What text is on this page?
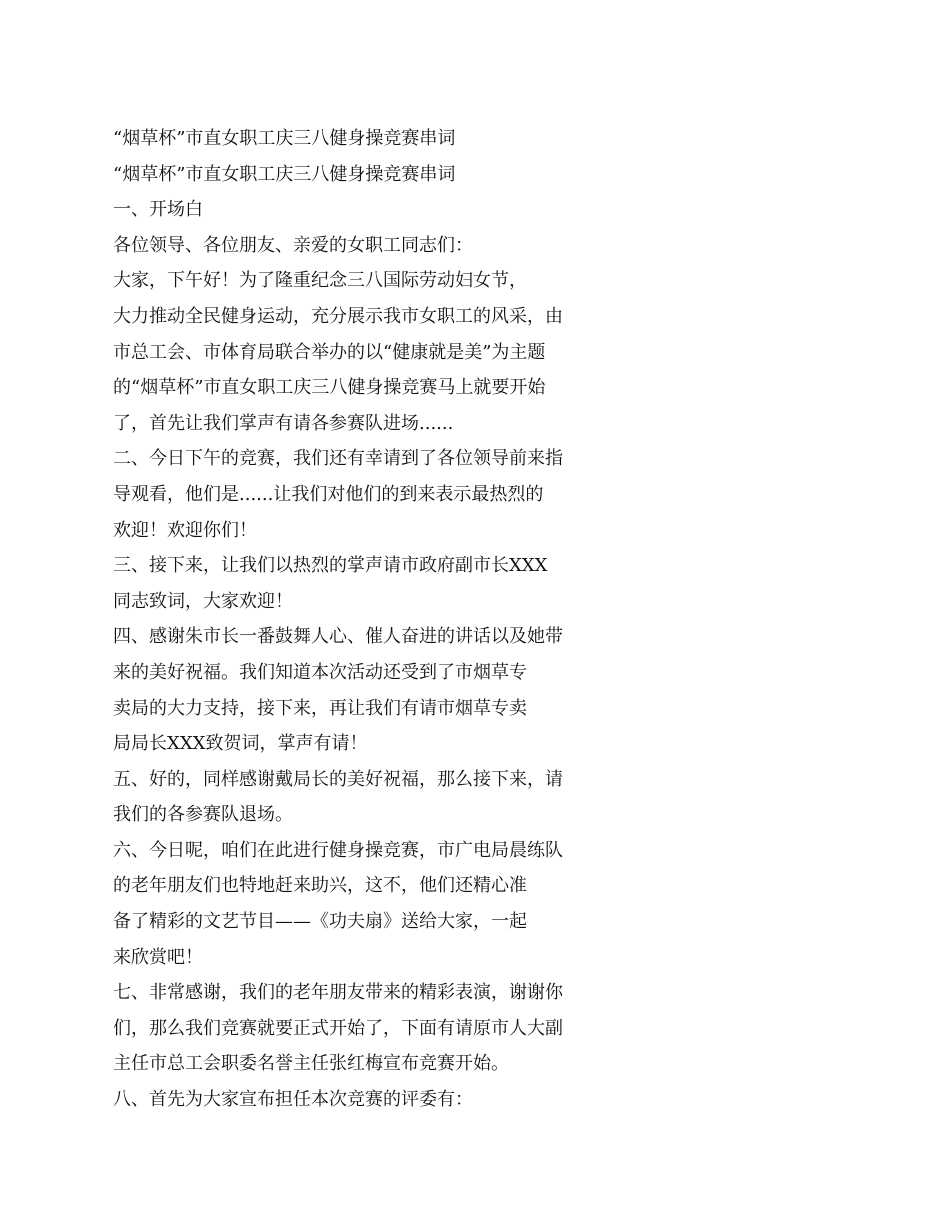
“烟草杯”市直女职工庆三八健身操竞赛串词

“烟草杯”市直女职工庆三八健身操竞赛串词

一、开场白

各位领导、各位朋友、亲爱的女职工同志们：

大家，下午好！为了隆重纪念三八国际劳动妇女节，

大力推动全民健身运动，充分展示我市女职工的风采，由

市总工会、市体育局联合举办的以“健康就是美”为主题

的“烟草杯”市直女职工庆三八健身操竞赛马上就要开始

了，首先让我们掌声有请各参赛队进场......

二、今日下午的竞赛，我们还有幸请到了各位领导前来指

导观看，他们是......让我们对他们的到来表示最热烈的

欢迎！欢迎你们！

三、接下来，让我们以热烈的掌声请市政府副市长XXX

同志致词，大家欢迎！

四、感谢朱市长一番鼓舞人心、催人奋进的讲话以及她带

来的美好祝福。我们知道本次活动还受到了市烟草专

卖局的大力支持，接下来，再让我们有请市烟草专卖

局局长XXX致贺词，掌声有请！

五、好的，同样感谢戴局长的美好祝福，那么接下来，请

我们的各参赛队退场。

六、今日呢，咱们在此进行健身操竞赛，市广电局晨练队

的老年朋友们也特地赶来助兴，这不，他们还精心准

备了精彩的文艺节目——《功夫扇》送给大家，一起

来欣赏吧！

七、非常感谢，我们的老年朋友带来的精彩表演，谢谢你

们，那么我们竞赛就要正式开始了，下面有请原市人大副

主任市总工会职委名誉主任张红梅宣布竞赛开始。

八、首先为大家宣布担任本次竞赛的评委有：
